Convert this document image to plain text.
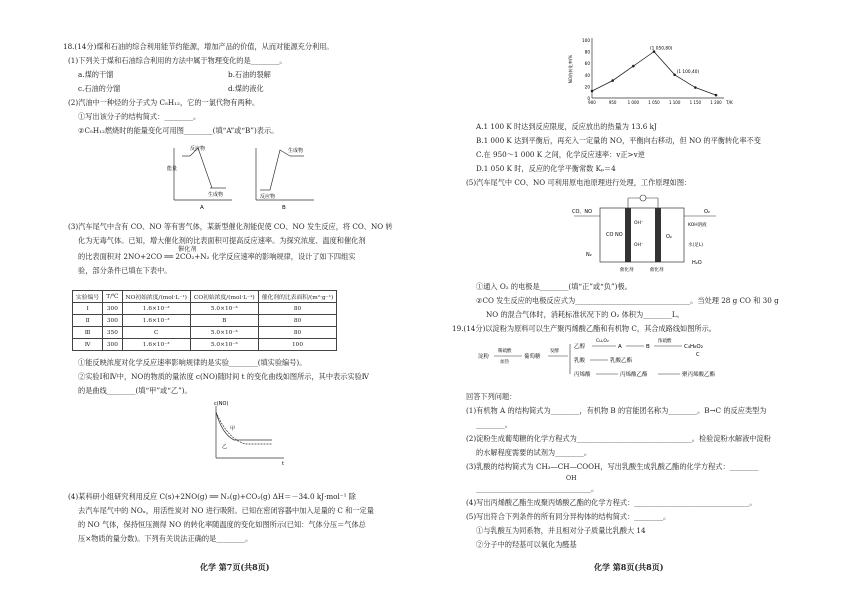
18.(14分)煤和石油的综合利用能节约能源，增加产品的价值，从而对能源充分利用。
(1)下列关于煤和石油综合利用的方法中属于物理变化的是________。
a.煤的干馏	b.石油的裂解
c.石油的分馏	d.煤的液化
(2)汽油中一种烃的分子式为 C₅H₁₂，它的一氯代物有两种。
①写出该分子的结构简式：________。
②C₅H₁₂燃烧时的能量变化可用图________(填“A”或“B”)表示。
能量
反应物
生成物
A
生成物
反应物
B
(3)汽车尾气中含有 CO、NO 等有害气体，某新型催化剂能促使 CO、NO 发生反应，将 CO、NO 转
化为无毒气体。已知，增大催化剂的比表面积可提高反应速率。为探究浓度、温度和催化剂
催化剂
的比表面积对 2NO+2CO ══ 2CO₂+N₂ 化学反应速率的影响规律，设计了如下四组实
验，部分条件已填在下表中。
实验编号	T/℃	NO初始浓度/(mol·L⁻¹)	CO初始浓度/(mol·L⁻¹)	催化剂的比表面积/(m²·g⁻¹)
Ⅰ	300	1.6×10⁻³	5.0×10⁻³	80
Ⅱ	300	1.6×10⁻³	B	80
Ⅲ	350	C	5.0×10⁻³	80
Ⅳ	300	1.6×10⁻³	5.0×10⁻³	100
①能反映浓度对化学反应速率影响规律的是实验________(填实验编号)。
②实验Ⅰ和Ⅳ中，NO的物质的量浓度 c(NO)随时间 t 的变化曲线如图所示，其中表示实验Ⅳ
的是曲线________(填“甲”或“乙”)。
c(NO)
t
甲
乙
(4)某科研小组研究利用反应 C(s)+2NO(g) ══ N₂(g)+CO₂(g) ΔH＝－34.0 kJ·mol⁻¹ 除
去汽车尾气中的 NOₓ，用活性炭对 NO 进行吸附。已知在密闭容器中加入足量的 C 和一定量
的 NO 气体，保持恒压测得 NO 的转化率随温度的变化如图所示(已知：气体分压＝气体总
压×物质的量分数)。下列有关说法正确的是________。
化学 第7页(共8页)
0
20
40
60
80
100
900	950	1 000 1 050 1 100 1 150 1 200 T/K
NO的转化率/%
(1 050,80)
(1 100,40)
A.1 100 K 时达到反应限度，反应放出的热量为 13.6 kJ
B.1 000 K 达到平衡后，再充入一定量的 NO，平衡向右移动，但 NO 的平衡转化率不变
C.在 950～1 000 K 之间，化学反应速率：v正>v逆
D.1 050 K 时，反应的化学平衡常数 Kₚ＝4
(5)汽车尾气中 CO、NO 可利用原电池原理进行处理，工作原理如图：
CO、NO	O₂
CO NO	O₂
OH⁻
OH⁻
KOH溶液
水(足L)
N₂
催化剂	催化剂
H₂O
①通入 O₂ 的电极是________(填“正”或“负”)极。
②CO 发生反应的电极反应式为________________________________。当处理 28 g CO 和 30 g
NO 的混合气体时，消耗标准状况下的 O₂ 体积为________L。
19.(14分)以淀粉为原料可以生产聚丙烯酸乙酯和有机物 C，其合成路线如图所示。
淀粉
稀硫酸
加热
葡萄糖
发酵
乙醇
Cu,O₂
A	B
浓硫酸
C₄H₈O₂
C
乳酸	乳酸乙酯
丙烯酸	丙烯酸乙酯	聚丙烯酸乙酯
回答下列问题：
(1)有机物 A 的结构简式为________，有机物 B 的官能团名称为________。B→C 的反应类型为
________。
(2)淀粉生成葡萄糖的化学方程式为________________________________。检验淀粉水解液中淀粉
的水解程度需要的试剂为________。
(3)乳酸的结构简式为 CH₃—CH—COOH，写出乳酸生成乳酸乙酯的化学方程式：________
OH
________________________________。
(4)写出丙烯酸乙酯生成聚丙烯酸乙酯的化学方程式：________________________________。
(5)写出符合下列条件的所有同分异构体的结构简式：________。
①与乳酸互为同系物，并且相对分子质量比乳酸大 14
②分子中的羟基可以氧化为醛基
化学 第8页(共8页)
